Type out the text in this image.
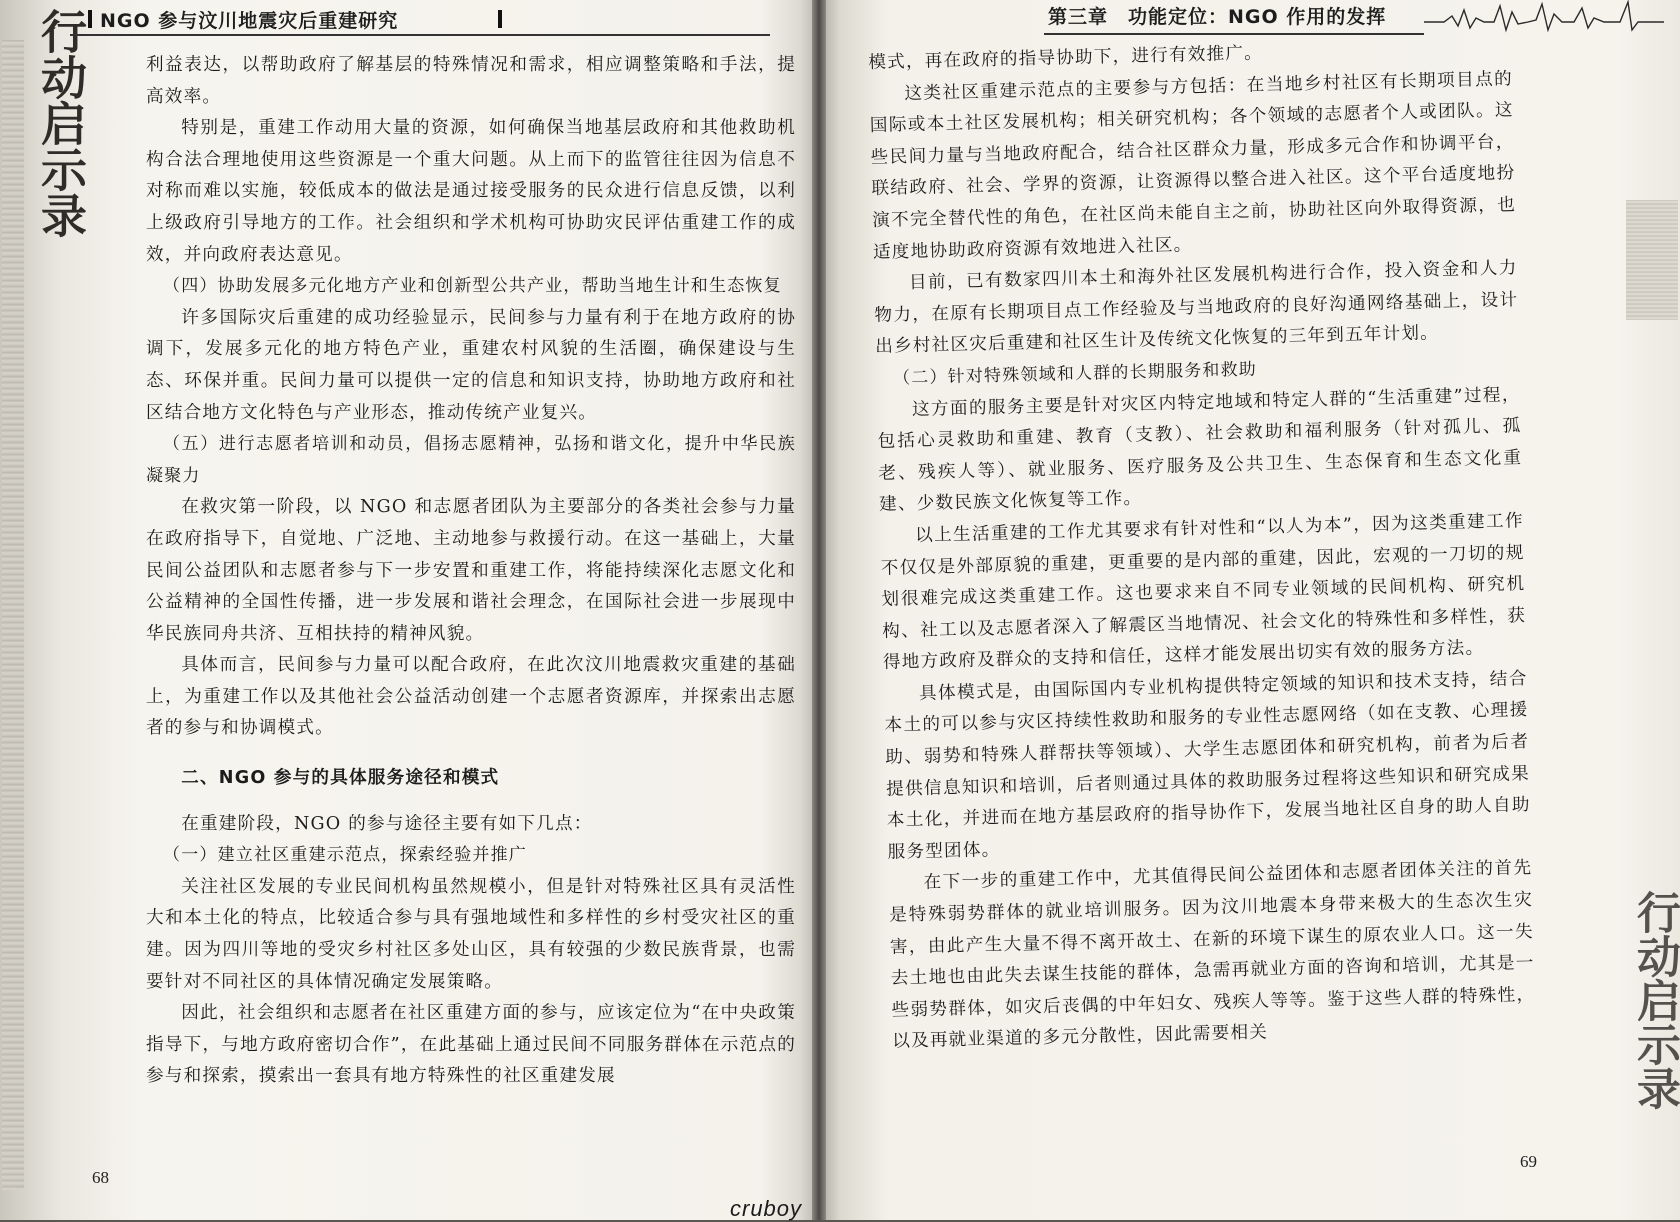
行动启示录 NGO 参与汶川地震灾后重建研究

利益表达，以帮助政府了解基层的特殊情况和需求，相应调整策略和手法，提高效率。

特别是，重建工作动用大量的资源，如何确保当地基层政府和其他救助机构合法合理地使用这些资源是一个重大问题。从上而下的监管往往因为信息不对称而难以实施，较低成本的做法是通过接受服务的民众进行信息反馈，以利上级政府引导地方的工作。社会组织和学术机构可协助灾民评估重建工作的成效，并向政府表达意见。

（四）协助发展多元化地方产业和创新型公共产业，帮助当地生计和生态恢复

许多国际灾后重建的成功经验显示，民间参与力量有利于在地方政府的协调下，发展多元化的地方特色产业，重建农村风貌的生活圈，确保建设与生态、环保并重。民间力量可以提供一定的信息和知识支持，协助地方政府和社区结合地方文化特色与产业形态，推动传统产业复兴。

（五）进行志愿者培训和动员，倡扬志愿精神，弘扬和谐文化，提升中华民族凝聚力

在救灾第一阶段，以 NGO 和志愿者团队为主要部分的各类社会参与力量在政府指导下，自觉地、广泛地、主动地参与救援行动。在这一基础上，大量民间公益团队和志愿者参与下一步安置和重建工作，将能持续深化志愿文化和公益精神的全国性传播，进一步发展和谐社会理念，在国际社会进一步展现中华民族同舟共济、互相扶持的精神风貌。

具体而言，民间参与力量可以配合政府，在此次汶川地震救灾重建的基础上，为重建工作以及其他社会公益活动创建一个志愿者资源库，并探索出志愿者的参与和协调模式。

二、NGO 参与的具体服务途径和模式

在重建阶段，NGO 的参与途径主要有如下几点：

（一）建立社区重建示范点，探索经验并推广

关注社区发展的专业民间机构虽然规模小，但是针对特殊社区具有灵活性大和本土化的特点，比较适合参与具有强地域性和多样性的乡村受灾社区的重建。因为四川等地的受灾乡村社区多处山区，具有较强的少数民族背景，也需要针对不同社区的具体情况确定发展策略。

因此，社会组织和志愿者在社区重建方面的参与，应该定位为“在中央政策指导下，与地方政府密切合作”，在此基础上通过民间不同服务群体在示范点的参与和探索，摸索出一套具有地方特殊性的社区重建发展

68
第三章　功能定位：NGO 作用的发挥
行动启示录

模式，再在政府的指导协助下，进行有效推广。

这类社区重建示范点的主要参与方包括：在当地乡村社区有长期项目点的国际或本土社区发展机构；相关研究机构；各个领域的志愿者个人或团队。这些民间力量与当地政府配合，结合社区群众力量，形成多元合作和协调平台，联结政府、社会、学界的资源，让资源得以整合进入社区。这个平台适度地扮演不完全替代性的角色，在社区尚未能自主之前，协助社区向外取得资源，也适度地协助政府资源有效地进入社区。

目前，已有数家四川本土和海外社区发展机构进行合作，投入资金和人力物力，在原有长期项目点工作经验及与当地政府的良好沟通网络基础上，设计出乡村社区灾后重建和社区生计及传统文化恢复的三年到五年计划。

（二）针对特殊领域和人群的长期服务和救助

这方面的服务主要是针对灾区内特定地域和特定人群的“生活重建”过程，包括心灵救助和重建、教育（支教）、社会救助和福利服务（针对孤儿、孤老、残疾人等）、就业服务、医疗服务及公共卫生、生态保育和生态文化重建、少数民族文化恢复等工作。

以上生活重建的工作尤其要求有针对性和“以人为本”，因为这类重建工作不仅仅是外部原貌的重建，更重要的是内部的重建，因此，宏观的一刀切的规划很难完成这类重建工作。这也要求来自不同专业领域的民间机构、研究机构、社工以及志愿者深入了解震区当地情况、社会文化的特殊性和多样性，获得地方政府及群众的支持和信任，这样才能发展出切实有效的服务方法。

具体模式是，由国际国内专业机构提供特定领域的知识和技术支持，结合本土的可以参与灾区持续性救助和服务的专业性志愿网络（如在支教、心理援助、弱势和特殊人群帮扶等领域）、大学生志愿团体和研究机构，前者为后者提供信息知识和培训，后者则通过具体的救助服务过程将这些知识和研究成果本土化，并进而在地方基层政府的指导协作下，发展当地社区自身的助人自助服务型团体。

在下一步的重建工作中，尤其值得民间公益团体和志愿者团体关注的首先是特殊弱势群体的就业培训服务。因为汶川地震本身带来极大的生态次生灾害，由此产生大量不得不离开故土、在新的环境下谋生的原农业人口。这一失去土地也由此失去谋生技能的群体，急需再就业方面的咨询和培训，尤其是一些弱势群体，如灾后丧偶的中年妇女、残疾人等等。鉴于这些人群的特殊性，以及再就业渠道的多元分散性，因此需要相关

69
cruboy
